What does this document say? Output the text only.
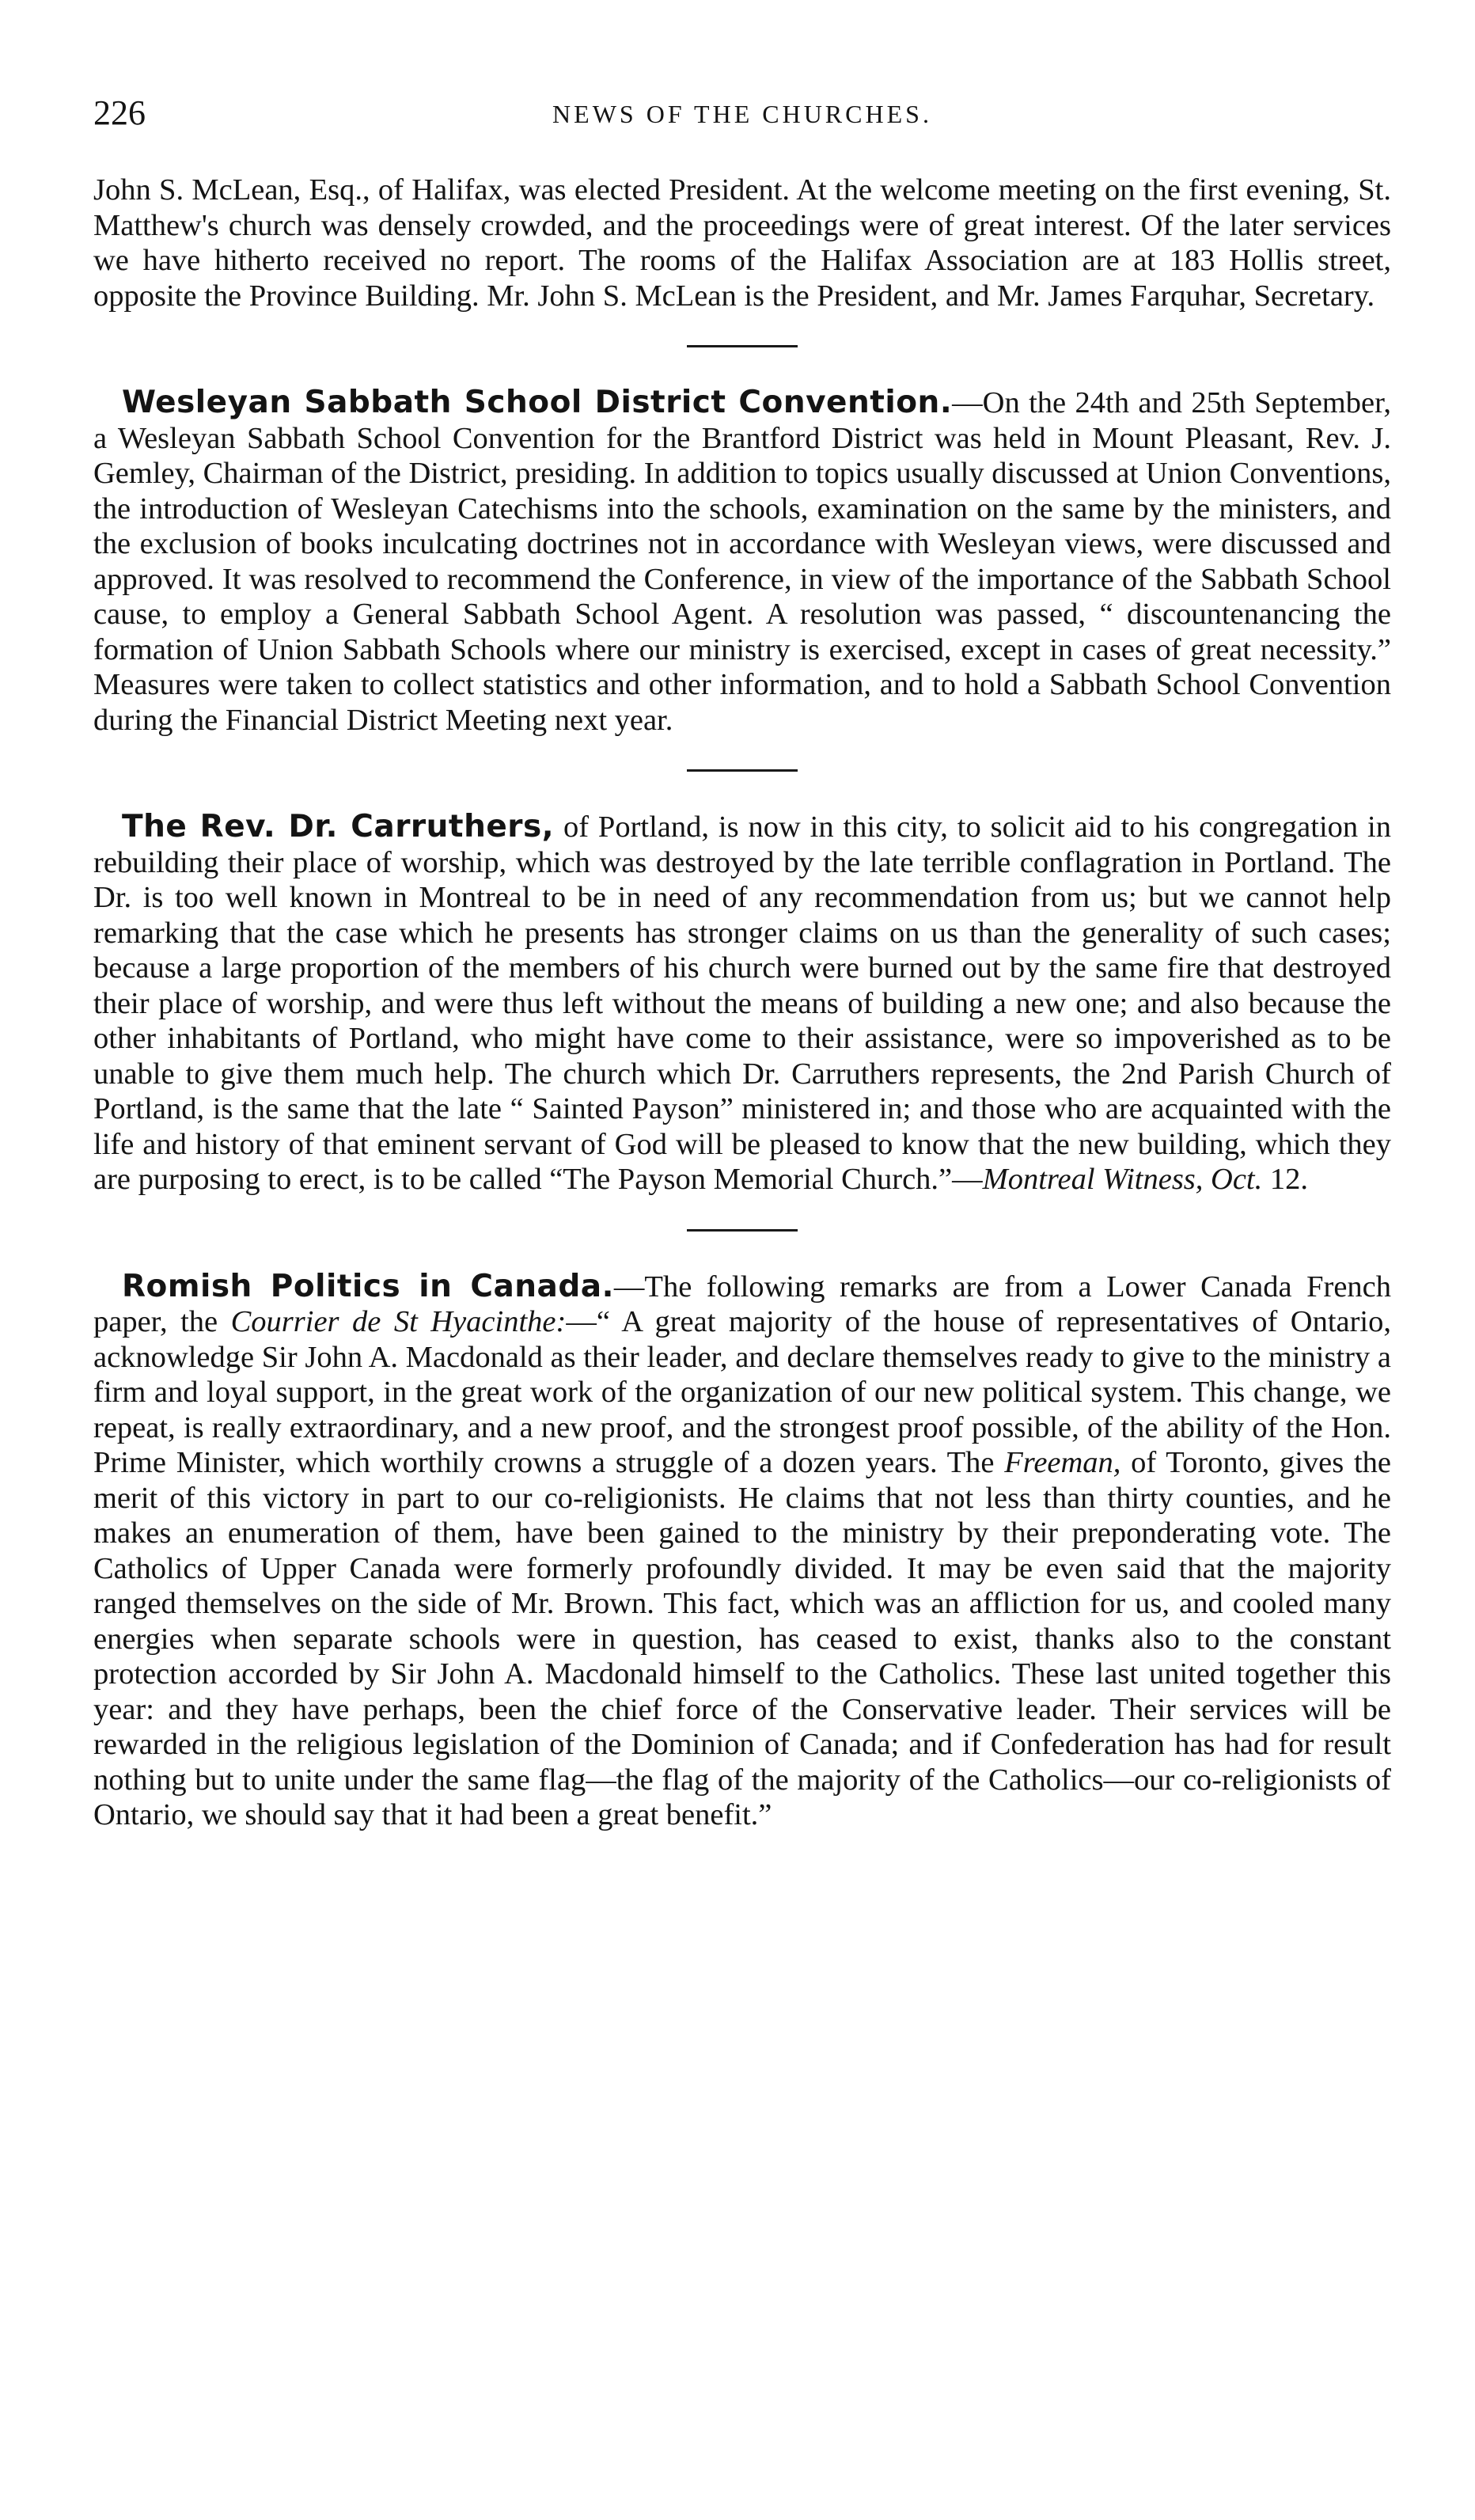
226	NEWS OF THE CHURCHES.

John S. McLean, Esq., of Halifax, was elected President. At the welcome meeting on the first evening, St. Matthew's church was densely crowded, and the proceedings were of great interest. Of the later services we have hitherto received no report. The rooms of the Halifax Association are at 183 Hollis street, opposite the Province Building. Mr. John S. McLean is the President, and Mr. James Farquhar, Secretary.

Wesleyan Sabbath School District Convention.—On the 24th and 25th September, a Wesleyan Sabbath School Convention for the Brantford District was held in Mount Pleasant, Rev. J. Gemley, Chairman of the District, presiding. In addition to topics usually discussed at Union Conventions, the introduction of Wesleyan Catechisms into the schools, examination on the same by the ministers, and the exclusion of books inculcating doctrines not in accordance with Wesleyan views, were discussed and approved. It was resolved to recommend the Conference, in view of the importance of the Sabbath School cause, to employ a General Sabbath School Agent. A resolution was passed, “ discountenancing the formation of Union Sabbath Schools where our ministry is exercised, except in cases of great necessity.” Measures were taken to collect statistics and other information, and to hold a Sabbath School Convention during the Financial District Meeting next year.

The Rev. Dr. Carruthers, of Portland, is now in this city, to solicit aid to his congregation in rebuilding their place of worship, which was destroyed by the late terrible conflagration in Portland. The Dr. is too well known in Montreal to be in need of any recommendation from us; but we cannot help remarking that the case which he presents has stronger claims on us than the generality of such cases; because a large proportion of the members of his church were burned out by the same fire that destroyed their place of worship, and were thus left without the means of building a new one; and also because the other inhabitants of Portland, who might have come to their assistance, were so impoverished as to be unable to give them much help. The church which Dr. Carruthers represents, the 2nd Parish Church of Portland, is the same that the late “ Sainted Payson” ministered in; and those who are acquainted with the life and history of that eminent servant of God will be pleased to know that the new building, which they are purposing to erect, is to be called “The Payson Memorial Church.”—Montreal Witness, Oct. 12.

Romish Politics in Canada.—The following remarks are from a Lower Canada French paper, the Courrier de St Hyacinthe:—“ A great majority of the house of representatives of Ontario, acknowledge Sir John A. Macdonald as their leader, and declare themselves ready to give to the ministry a firm and loyal support, in the great work of the organization of our new political system. This change, we repeat, is really extraordinary, and a new proof, and the strongest proof possible, of the ability of the Hon. Prime Minister, which worthily crowns a struggle of a dozen years. The Freeman, of Toronto, gives the merit of this victory in part to our co-religionists. He claims that not less than thirty counties, and he makes an enumeration of them, have been gained to the ministry by their preponderating vote. The Catholics of Upper Canada were formerly profoundly divided. It may be even said that the majority ranged themselves on the side of Mr. Brown. This fact, which was an affliction for us, and cooled many energies when separate schools were in question, has ceased to exist, thanks also to the constant protection accorded by Sir John A. Macdonald himself to the Catholics. These last united together this year: and they have perhaps, been the chief force of the Conservative leader. Their services will be rewarded in the religious legislation of the Dominion of Canada; and if Confederation has had for result nothing but to unite under the same flag—the flag of the majority of the Catholics—our co-religionists of Ontario, we should say that it had been a great benefit.”
